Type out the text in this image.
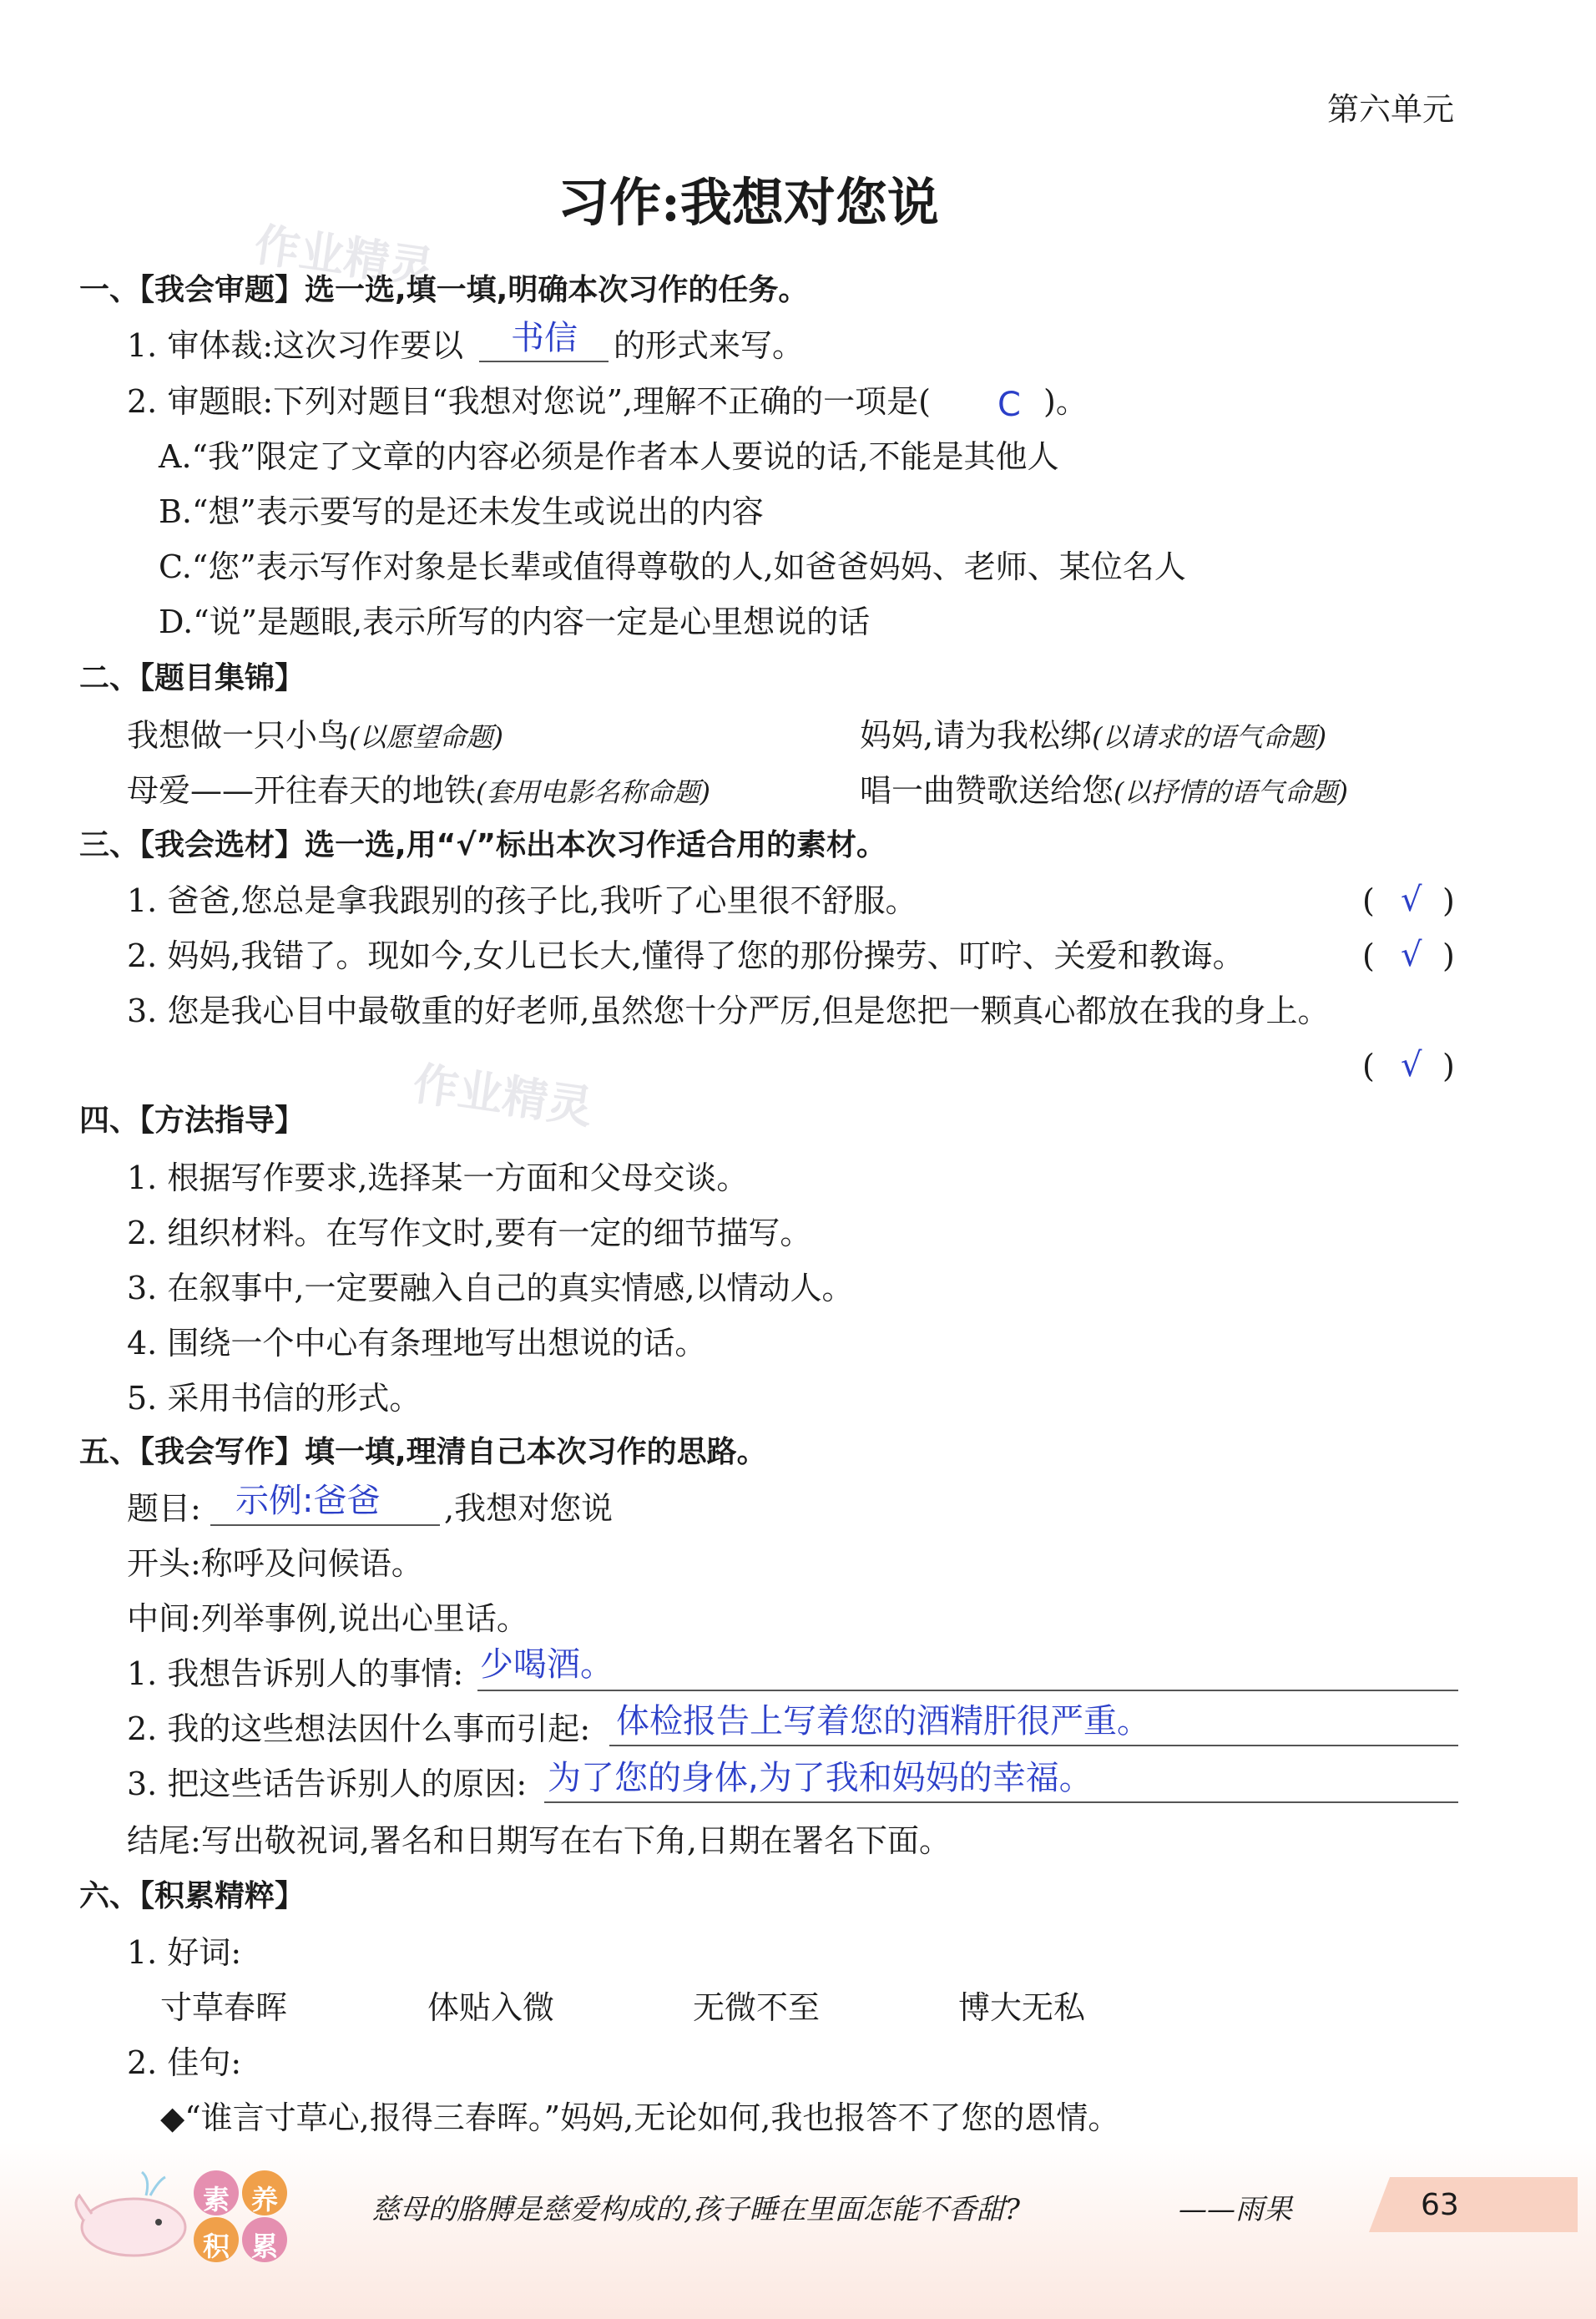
第六单元
习作:我想对您说
作业精灵
作业精灵
一、【我会审题】选一选,填一填,明确本次习作的任务。
1. 审体裁:这次习作要以 书信 的形式来写。
2. 审题眼:下列对题目“我想对您说”,理解不正确的一项是( C )。
A.“我”限定了文章的内容必须是作者本人要说的话,不能是其他人
B.“想”表示要写的是还未发生或说出的内容
C.“您”表示写作对象是长辈或值得尊敬的人,如爸爸妈妈、老师、某位名人
D.“说”是题眼,表示所写的内容一定是心里想说的话
二、【题目集锦】
我想做一只小鸟(以愿望命题)	妈妈,请为我松绑(以请求的语气命题)
母爱——开往春天的地铁(套用电影名称命题)	唱一曲赞歌送给您(以抒情的语气命题)
三、【我会选材】选一选,用“√”标出本次习作适合用的素材。
1. 爸爸,您总是拿我跟别的孩子比,我听了心里很不舒服。	( √ )
2. 妈妈,我错了。现如今,女儿已长大,懂得了您的那份操劳、叮咛、关爱和教诲。	( √ )
3. 您是我心目中最敬重的好老师,虽然您十分严厉,但是您把一颗真心都放在我的身上。
( √ )
四、【方法指导】
1. 根据写作要求,选择某一方面和父母交谈。
2. 组织材料。在写作文时,要有一定的细节描写。
3. 在叙事中,一定要融入自己的真实情感,以情动人。
4. 围绕一个中心有条理地写出想说的话。
5. 采用书信的形式。
五、【我会写作】填一填,理清自己本次习作的思路。
题目: 示例:爸爸 ,我想对您说
开头:称呼及问候语。
中间:列举事例,说出心里话。
1. 我想告诉别人的事情: 少喝酒。
2. 我的这些想法因什么事而引起: 体检报告上写着您的酒精肝很严重。
3. 把这些话告诉别人的原因: 为了您的身体,为了我和妈妈的幸福。
结尾:写出敬祝词,署名和日期写在右下角,日期在署名下面。
六、【积累精粹】
1. 好词:
寸草春晖	体贴入微	无微不至	博大无私
2. 佳句:
◆“谁言寸草心,报得三春晖。”妈妈,无论如何,我也报答不了您的恩情。
素 养
积 累
慈母的胳膊是慈爱构成的,孩子睡在里面怎能不香甜?	——雨果	63
